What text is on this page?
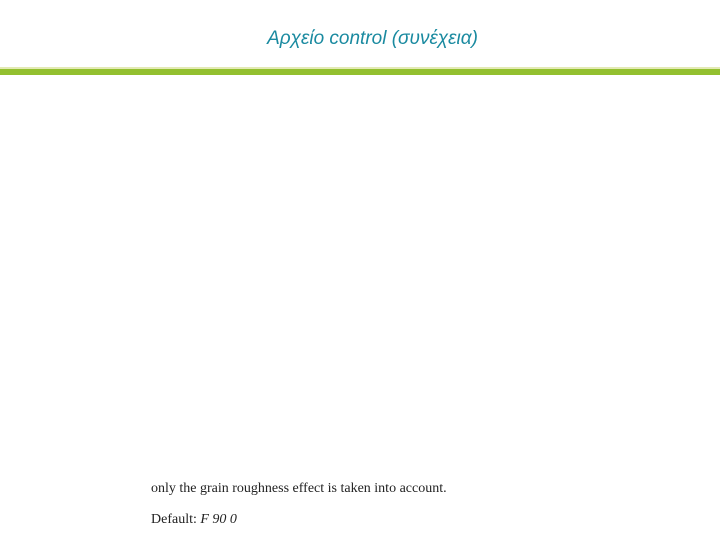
Αρχείο control (συνέχεια)
only the grain roughness effect is taken into account.
Default: F 90 0
